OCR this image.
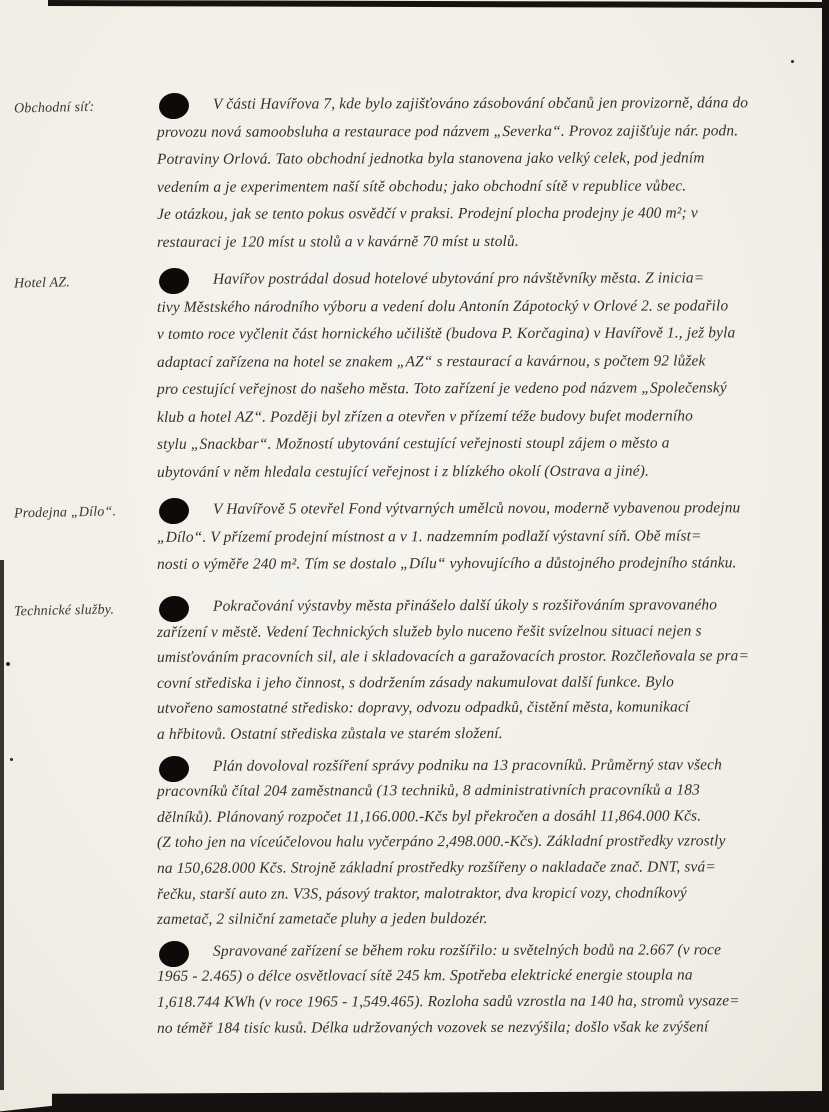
Obchodní síť:	V části Havířova 7, kde bylo zajišťováno zásobování občanů jen provizorně, dána do
provozu nová samoobsluha a restaurace pod názvem „Severka“. Provoz zajišťuje nár. podn.
Potraviny Orlová. Tato obchodní jednotka byla stanovena jako velký celek, pod jedním
vedením a je experimentem naší sítě obchodu; jako obchodní sítě v republice vůbec.
Je otázkou, jak se tento pokus osvědčí v praksi. Prodejní plocha prodejny je 400 m²; v
restauraci je 120 míst u stolů a v kavárně 70 míst u stolů.
Hotel AZ.	Havířov postrádal dosud hotelové ubytování pro návštěvníky města. Z inicia=
tivy Městského národního výboru a vedení dolu Antonín Zápotocký v Orlové 2. se podařilo
v tomto roce vyčlenit část hornického učiliště (budova P. Korčagina) v Havířově 1., jež byla
adaptací zařízena na hotel se znakem „AZ“ s restaurací a kavárnou, s počtem 92 lůžek
pro cestující veřejnost do našeho města. Toto zařízení je vedeno pod názvem „Společenský
klub a hotel AZ“. Později byl zřízen a otevřen v přízemí téže budovy bufet moderního
stylu „Snackbar“. Možností ubytování cestující veřejnosti stoupl zájem o město a
ubytování v něm hledala cestující veřejnost i z blízkého okolí (Ostrava a jiné).
Prodejna „Dílo“.	V Havířově 5 otevřel Fond výtvarných umělců novou, moderně vybavenou prodejnu
„Dílo“. V přízemí prodejní místnost a v 1. nadzemním podlaží výstavní síň. Obě míst=
nosti o výměře 240 m². Tím se dostalo „Dílu“ vyhovujícího a důstojného prodejního stánku.
Technické služby.	Pokračování výstavby města přinášelo další úkoly s rozšiřováním spravovaného
zařízení v městě. Vedení Technických služeb bylo nuceno řešit svízelnou situaci nejen s
umisťováním pracovních sil, ale i skladovacích a garažovacích prostor. Rozčleňovala se pra=
covní střediska i jeho činnost, s dodržením zásady nakumulovat další funkce. Bylo
utvořeno samostatné středisko: dopravy, odvozu odpadků, čistění města, komunikací
a hřbitovů. Ostatní střediska zůstala ve starém složení.
Plán dovoloval rozšíření správy podniku na 13 pracovníků. Průměrný stav všech
pracovníků čítal 204 zaměstnanců (13 techniků, 8 administrativních pracovníků a 183
dělníků). Plánovaný rozpočet 11,166.000.-Kčs byl překročen a dosáhl 11,864.000 Kčs.
(Z toho jen na víceúčelovou halu vyčerpáno 2,498.000.-Kčs). Základní prostředky vzrostly
na 150,628.000 Kčs. Strojně základní prostředky rozšířeny o nakladače znač. DNT, svá=
řečku, starší auto zn. V3S, pásový traktor, malotraktor, dva kropicí vozy, chodníkový
zametač, 2 silniční zametače pluhy a jeden buldozér.
Spravované zařízení se během roku rozšířilo: u světelných bodů na 2.667 (v roce
1965 - 2.465) o délce osvětlovací sítě 245 km. Spotřeba elektrické energie stoupla na
1,618.744 KWh (v roce 1965 - 1,549.465). Rozloha sadů vzrostla na 140 ha, stromů vysaze=
no téměř 184 tisíc kusů. Délka udržovaných vozovek se nezvýšila; došlo však ke zvýšení
